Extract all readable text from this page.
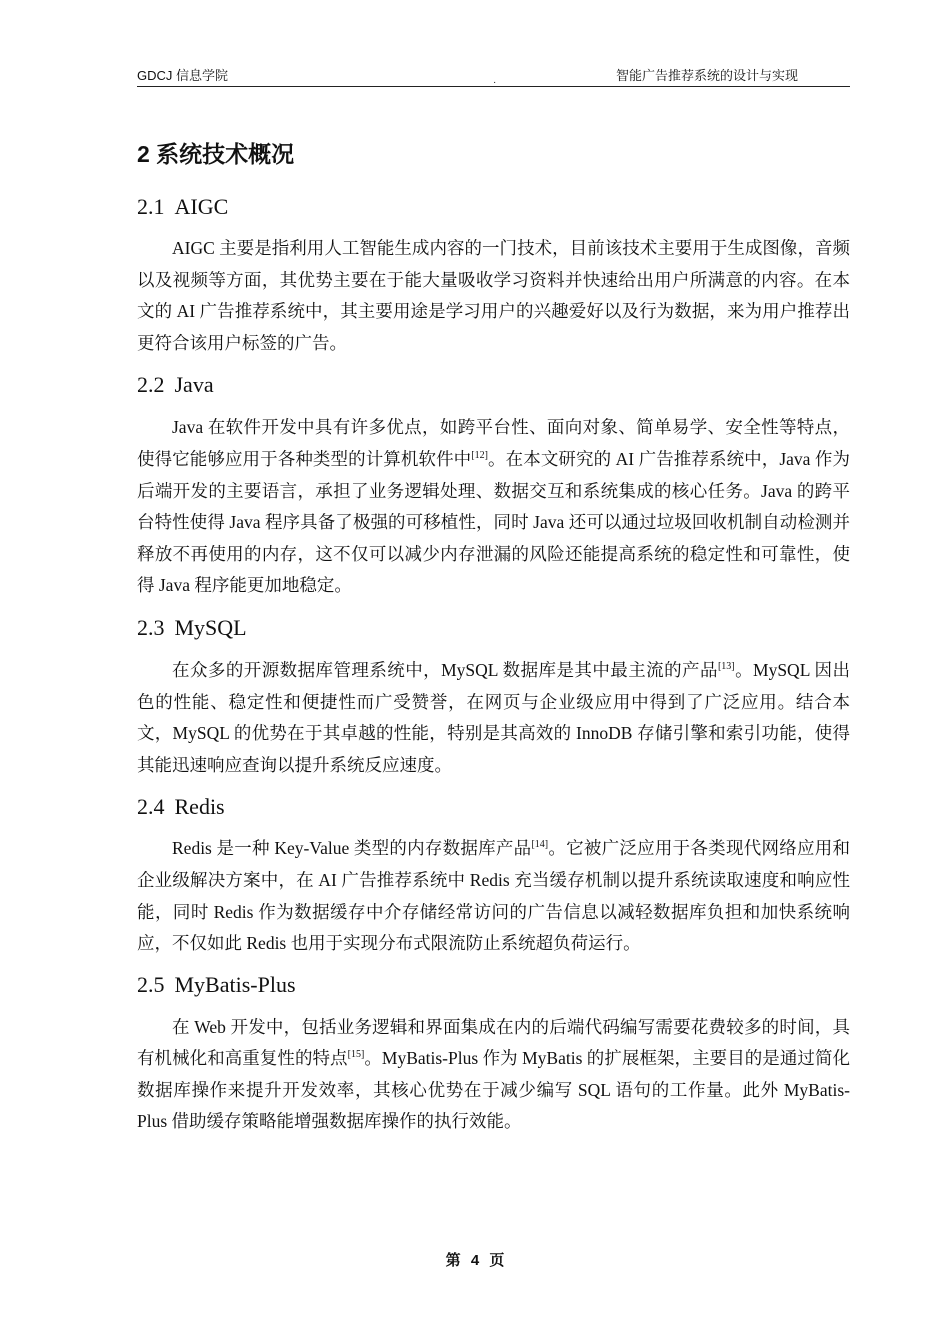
GDCJ 信息学院	·	智能广告推荐系统的设计与实现
2 系统技术概况
2.1 AIGC

AIGC 主要是指利用人工智能生成内容的一门技术，目前该技术主要用于生成图像，音频以及视频等方面，其优势主要在于能大量吸收学习资料并快速给出用户所满意的内容。在本文的 AI 广告推荐系统中，其主要用途是学习用户的兴趣爱好以及行为数据，来为用户推荐出更符合该用户标签的广告。

2.2 Java

Java 在软件开发中具有许多优点，如跨平台性、面向对象、简单易学、安全性等特点，使得它能够应用于各种类型的计算机软件中[12]。在本文研究的 AI 广告推荐系统中，Java 作为后端开发的主要语言，承担了业务逻辑处理、数据交互和系统集成的核心任务。Java 的跨平台特性使得 Java 程序具备了极强的可移植性，同时 Java 还可以通过垃圾回收机制自动检测并释放不再使用的内存，这不仅可以减少内存泄漏的风险还能提高系统的稳定性和可靠性，使得 Java 程序能更加地稳定。

2.3 MySQL

在众多的开源数据库管理系统中，MySQL 数据库是其中最主流的产品[13]。MySQL 因出色的性能、稳定性和便捷性而广受赞誉，在网页与企业级应用中得到了广泛应用。结合本文，MySQL 的优势在于其卓越的性能，特别是其高效的 InnoDB 存储引擎和索引功能，使得其能迅速响应查询以提升系统反应速度。

2.4 Redis

Redis 是一种 Key-Value 类型的内存数据库产品[14]。它被广泛应用于各类现代网络应用和企业级解决方案中，在 AI 广告推荐系统中 Redis 充当缓存机制以提升系统读取速度和响应性能，同时 Redis 作为数据缓存中介存储经常访问的广告信息以减轻数据库负担和加快系统响应，不仅如此 Redis 也用于实现分布式限流防止系统超负荷运行。

2.5 MyBatis-Plus

在 Web 开发中，包括业务逻辑和界面集成在内的后端代码编写需要花费较多的时间，具有机械化和高重复性的特点[15]。MyBatis-Plus 作为 MyBatis 的扩展框架，主要目的是通过简化数据库操作来提升开发效率，其核心优势在于减少编写 SQL 语句的工作量。此外 MyBatis-Plus 借助缓存策略能增强数据库操作的执行效能。

第 4 页
